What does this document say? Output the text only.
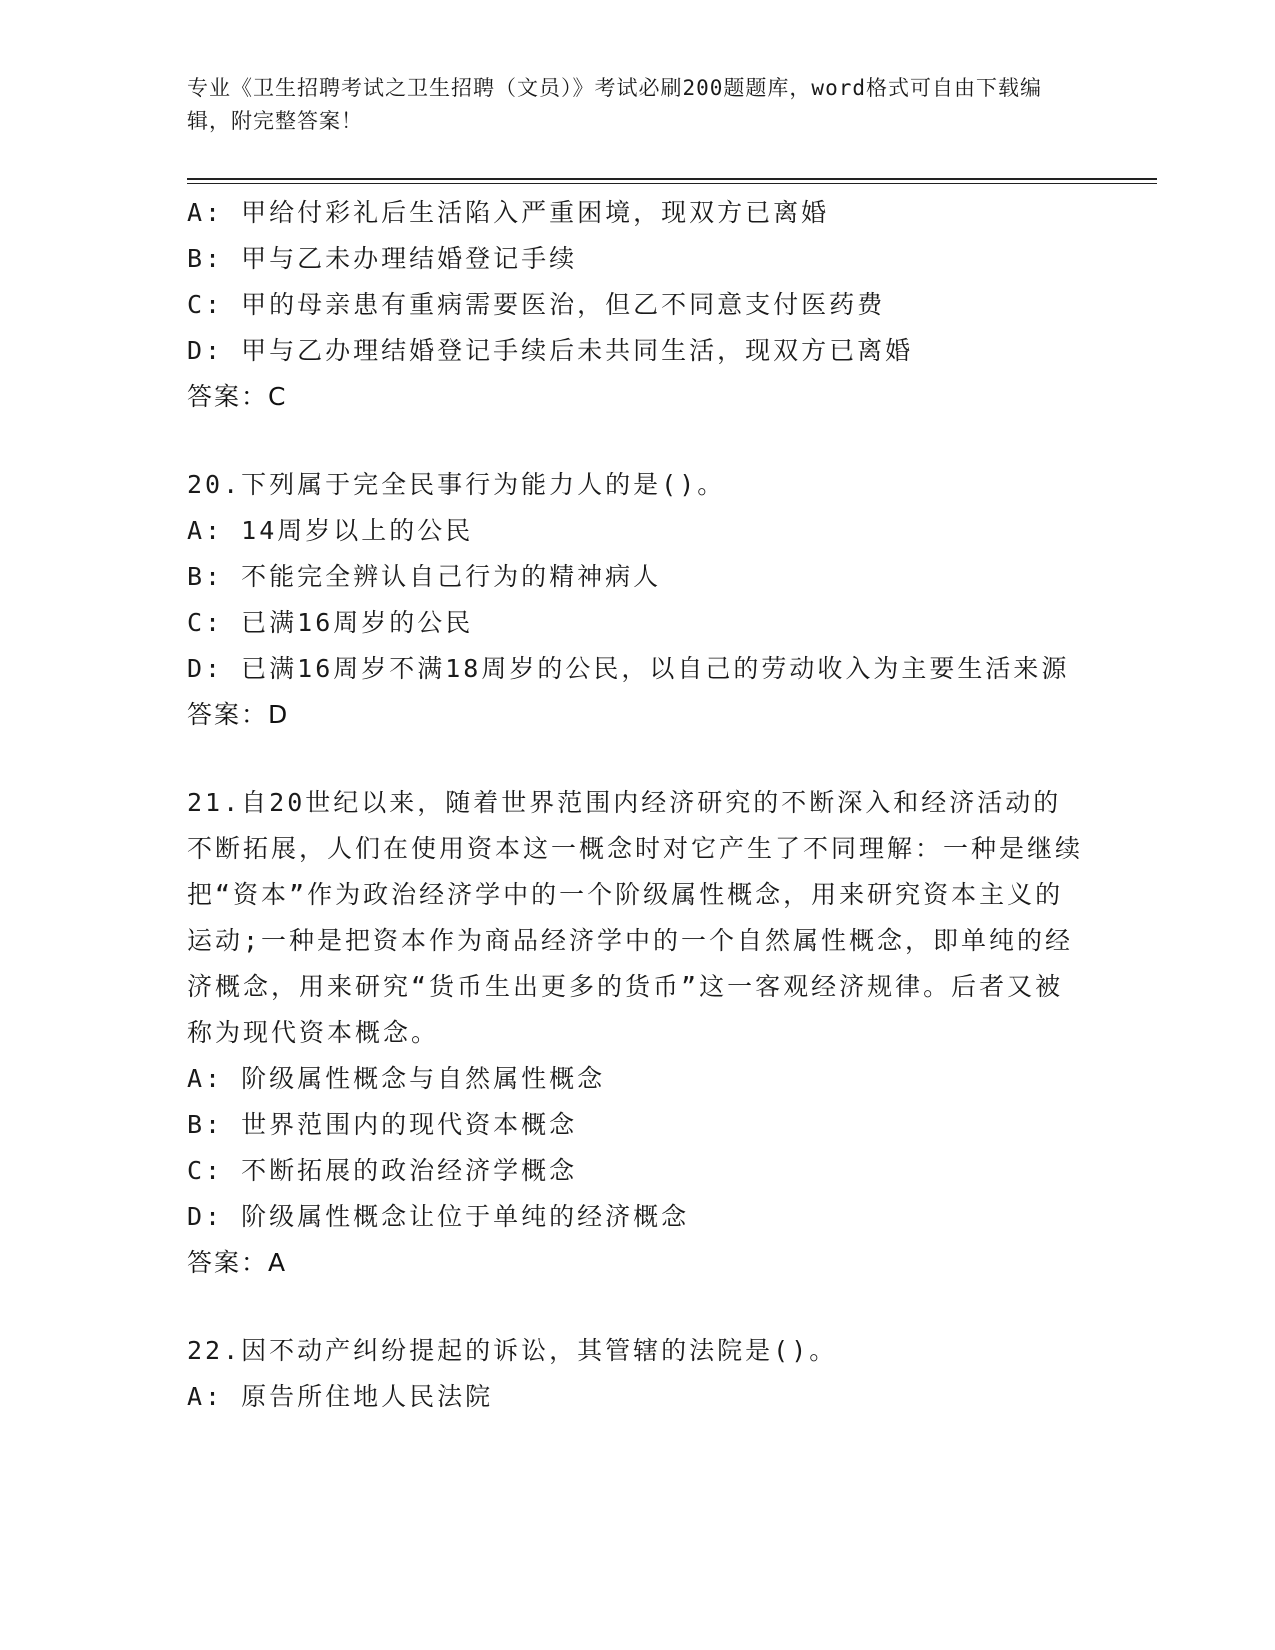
专业《卫生招聘考试之卫生招聘（文员）》考试必刷200题题库，word格式可自由下载编辑，附完整答案！
A: 甲给付彩礼后生活陷入严重困境，现双方已离婚
B: 甲与乙未办理结婚登记手续
C: 甲的母亲患有重病需要医治，但乙不同意支付医药费
D: 甲与乙办理结婚登记手续后未共同生活，现双方已离婚
答案：C
20.下列属于完全民事行为能力人的是()。
A: 14周岁以上的公民
B: 不能完全辨认自己行为的精神病人
C: 已满16周岁的公民
D: 已满16周岁不满18周岁的公民，以自己的劳动收入为主要生活来源
答案：D
21.自20世纪以来，随着世界范围内经济研究的不断深入和经济活动的不断拓展，人们在使用资本这一概念时对它产生了不同理解：一种是继续把“资本”作为政治经济学中的一个阶级属性概念，用来研究资本主义的运动;一种是把资本作为商品经济学中的一个自然属性概念，即单纯的经济概念，用来研究“货币生出更多的货币”这一客观经济规律。后者又被称为现代资本概念。
A: 阶级属性概念与自然属性概念
B: 世界范围内的现代资本概念
C: 不断拓展的政治经济学概念
D: 阶级属性概念让位于单纯的经济概念
答案：A
22.因不动产纠纷提起的诉讼，其管辖的法院是()。
A: 原告所住地人民法院
